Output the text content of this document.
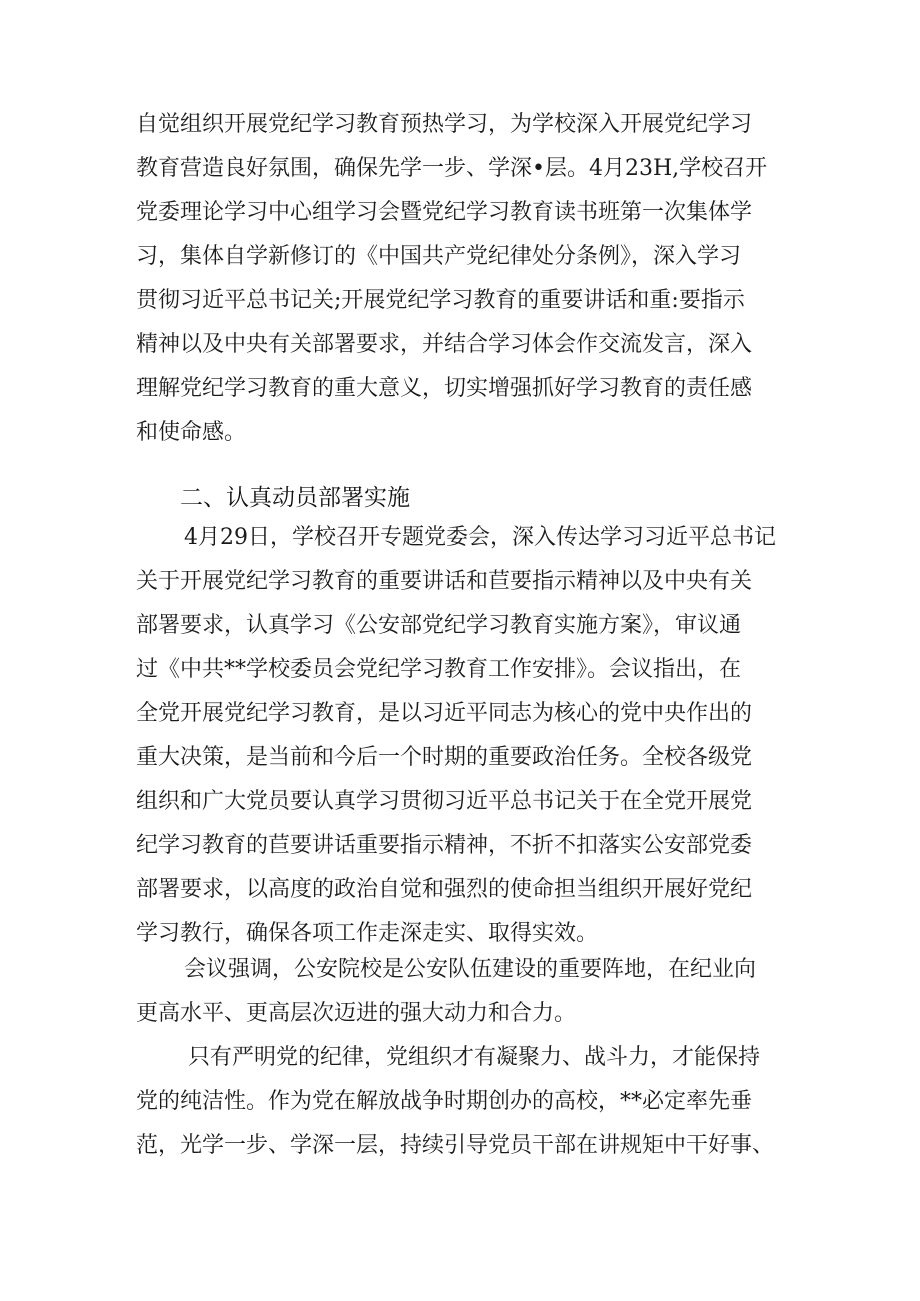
自觉组织开展党纪学习教育预热学习，为学校深入开展党纪学习
教育营造良好氛围，确保先学一步、学深•层。4月23H,学校召开
党委理论学习中心组学习会暨党纪学习教育读书班第一次集体学
习，集体自学新修订的《中国共产党纪律处分条例》，深入学习
贯彻习近平总书记关;开展党纪学习教育的重要讲话和重:要指示
精神以及中央有关部署要求，并结合学习体会作交流发言，深入
理解党纪学习教育的重大意义，切实增强抓好学习教育的责任感
和使命感。
二、认真动员部署实施
4月29日，学校召开专题党委会，深入传达学习习近平总书记
关于开展党纪学习教育的重要讲话和苣要指示精神以及中央有关
部署要求，认真学习《公安部党纪学习教育实施方案》，审议通
过《中共**学校委员会党纪学习教育工作安排》。会议指出，在
全党开展党纪学习教育，是以习近平同志为核心的党中央作出的
重大决策，是当前和今后一个时期的重要政治任务。全校各级党
组织和广大党员要认真学习贯彻习近平总书记关于在全党开展党
纪学习教育的苣要讲话重要指示精神，不折不扣落实公安部党委
部署要求，以高度的政治自觉和强烈的使命担当组织开展好党纪
学习教行，确保各项工作走深走实、取得实效。
会议强调，公安院校是公安队伍建设的重要阵地，在纪业向
更高水平、更高层次迈进的强大动力和合力。
只有严明党的纪律，党组织才有凝聚力、战斗力，才能保持
党的纯洁性。作为党在解放战争时期创办的高校，**必定率先垂
范，光学一步、学深一层，持续引导党员干部在讲规矩中干好事、
